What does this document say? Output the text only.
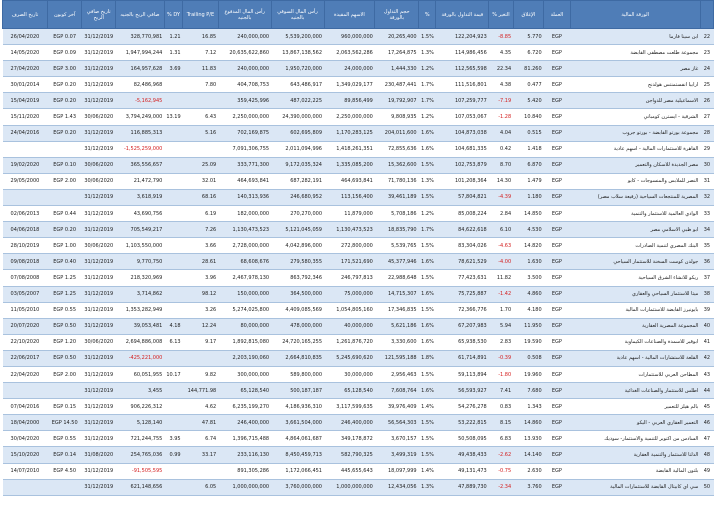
	الورقة المالية	العملة	الإغلاق	التغير %	قيمة التداول بالورقة	%	حجم التداول بالورقة	الاسهم المقيدة	رأس المال السوقي بالجنيه	رأس المال المدفوع بالجنيه	Trailing P/E	DY %	صافي الربح بالجنيه	تاريخ صافي الربح	آخر كوبون	تاريخ الصرف
22	ابن سينا فارما	EGP	5.770	-8.85	122,204,923	1.5%	20,265,400	960,000,000	5,539,200,000	240,000,000	16.85	1.21	328,770,981	31/12/2019	EGP 0.07	26/04/2020
23	مجموعة طلعت مصطفى القابضة	EGP	6.720	4.35	114,986,456	1.3%	17,264,875	2,063,562,286	13,867,138,562	20,635,622,860	7.12	1.31	1,947,994,244	31/12/2019	EGP 0.09	14/05/2020
24	غاز مصر	EGP	81.260	22.34	112,565,598	1.2%	1,444,330	24,000,000	1,950,720,000	240,000,000	11.83	3.69	164,957,628	31/12/2019	EGP 3.00	27/04/2020
25	ارابيا انفستمنتس هولدنج	EGP	0.477	4.38	111,516,801	1.7%	230,487,441	1,349,029,177	643,486,917	404,708,753	7.80		82,486,968	31/12/2019	EGP 0.20	30/01/2014
26	الاسماعيلية مصر للدواجن	EGP	5.420	-7.19	107,259,777	1.7%	19,792,907	89,856,499	487,022,225	359,425,996			-5,162,945	31/12/2019	EGP 0.20	15/04/2019
27	الشرقية - ايسترن كومباني	EGP	10.840	-1.28	107,053,067	1.2%	9,808,935	2,250,000,000	24,390,000,000	2,250,000,000	6.43	13.19	3,794,249,000	30/06/2020	EGP 1.43	15/11/2020
28	مجموعة بورتو القابضة - بورتو جروب	EGP	0.515	4.04	104,873,038	1.6%	204,011,600	1,170,283,125	602,695,809	702,169,875	5.16		116,885,313	31/12/2019	EGP 0.20	24/04/2016
29	القاهرة للاستثمارات المالية - اسهم عادية	EGP	1.418	0.42	104,681,335	1.6%	72,855,636	1,418,261,351	2,011,094,996	7,091,306,755			-1,525,259,000	31/12/2019		
30	مصر الجديدة للاسكان والتعمير	EGP	6.870	8.70	102,753,879	1.5%	15,362,600	1,335,085,200	9,172,035,324	333,771,300	25.09		365,556,657	30/06/2020	EGP 0.10	19/02/2020
31	النصر للملابس والمنسوجات - كابو	EGP	1.479	14.30	101,208,364	1.3%	71,780,136	464,693,841	687,282,191	464,693,841	32.01		21,472,790	30/06/2020	EGP 2.00	29/05/2000
32	المصرية للمنتجعات السياحية (رفيعة سلاب مصر)	EGP	1.180	-4.39	57,804,821	1.5%	39,461,189	113,156,400	246,680,952	140,313,936	68.16		3,618,919	31/12/2019		
33	الوادي العالمية للاستثمار والتنمية	EGP	14.850	2.84	85,008,224	1.2%	5,708,186	11,879,000	270,270,000	182,000,000	6.19		43,690,756	31/12/2019	EGP 0.44	02/06/2013
34	ابو ظبي الاسلامي مصر	EGP	4.530	6.10	84,622,618	1.7%	18,835,790	1,130,473,523	5,121,045,059	1,130,473,523	7.26		705,549,217	31/12/2019	EGP 0.20	04/06/2018
35	البنك المصري لتنمية الصادرات	EGP	14.820	-4.63	83,304,026	1.5%	5,539,765	272,800,000	4,042,896,000	2,728,000,000	3.66		1,103,550,000	30/06/2020	EGP 1.00	28/10/2019
36	جولدن كوست السخنة للاستثمار السياحي	EGP	1.630	-4.00	78,621,529	1.6%	45,377,946	171,521,690	279,580,355	68,608,676	28.61		9,770,750	31/12/2019	EGP 0.40	09/08/2018
37	ريكو للانشاء الشرق السياحية	EGP	3.500	11.82	77,423,631	1.5%	22,988,648	246,797,813	863,792,346	2,467,978,130	3.96		218,320,969	31/12/2019	EGP 1.25	07/08/2008
38	ميثا للاستثمار السياحي والعقاري	EGP	4.860	-1.42	75,725,887	1.6%	14,715,307	75,000,000	364,500,000	150,000,000	98.12		3,714,862	31/12/2019	EGP 1.25	03/05/2007
39	بايونيرز القابضة للاستثمارات المالية	EGP	4.180	1.70	72,366,776	1.5%	17,346,835	1,054,805,160	4,409,085,569	5,274,025,800	3.26		1,353,282,949	31/12/2019	EGP 0.55	11/05/2010
40	المجموعة المصرية العقارية	EGP	11.950	5.94	67,207,983	1.6%	5,621,186	40,000,000	478,000,000	80,000,000	12.24	4.18	39,053,481	31/12/2019	EGP 0.50	20/07/2020
41	ابوقير للاسمدة والصناعات الكيماوية	EGP	19.590	2.83	65,938,530	1.6%	3,330,600	1,261,876,720	24,720,165,255	1,892,815,080	9.17	6.13	2,694,886,008	30/06/2020	EGP 1.20	22/10/2020
42	القلعة للاستشارات المالية - اسهم عادية	EGP	0.508	-0.39	61,714,891	1.8%	121,595,188	5,245,690,620	2,664,810,835	2,203,190,060			-425,221,000	31/12/2019	EGP 0.50	22/06/2017
43	المطاحن العربي للاستثمارات	EGP	19.960	-1.80	59,113,894	1.5%	2,956,463	30,000,000	589,800,000	300,000,000	9.82	10.17	60,051,955	31/12/2019	EGP 2.00	22/04/2020
44	اطلس للاستثمار والصناعات الغذائية	EGP	7.680	7.41	56,593,927	1.6%	7,608,764	65,128,540	500,187,187	65,128,540	144,771.98		3,455	31/12/2019		
45	بالم هيلز للتعمير	EGP	1.343	0.83	54,276,278	1.4%	39,976,409	3,117,599,635	4,186,936,310	6,235,199,270	4.62		906,226,312	31/12/2019	EGP 0.15	07/04/2016
46	التعمير العقاري العربي - اليكو	EGP	14.860	8.15	53,222,815	1.5%	56,564,303	246,400,000	3,661,504,000	246,400,000	47.81		5,128,140	31/12/2019	EGP 14.50	18/04/2000
47	السادس من اكتوبر للتنمية والاستثمار- سوديك	EGP	13.930	6.83	50,508,095	1.5%	3,670,157	349,178,872	4,864,061,687	1,396,715,488	6.74	3.95	721,244,755	31/12/2019	EGP 0.55	30/04/2020
48	الدلتا للاستثمار والتنمية العقارية	EGP	14.140	-2.62	49,438,433	1.5%	3,499,319	582,790,325	8,450,459,713	233,116,130	33.17	0.99	254,765,036	31/08/2020	EGP 0.14	15/10/2020
49	بلتون المالية القابضة	EGP	2.630	-0.75	49,131,473	1.4%	18,097,999	445,655,643	1,172,066,451	891,305,286			-91,505,595	31/12/2019	EGP 4.50	14/07/2010
50	سي اي كابيتال القابضة للاستثمارات المالية	EGP	3.760	-2.34	47,889,730	1.3%	12,434,056	1,000,000,000	3,760,000,000	1,000,000,000	6.05		621,148,656	31/12/2019		
